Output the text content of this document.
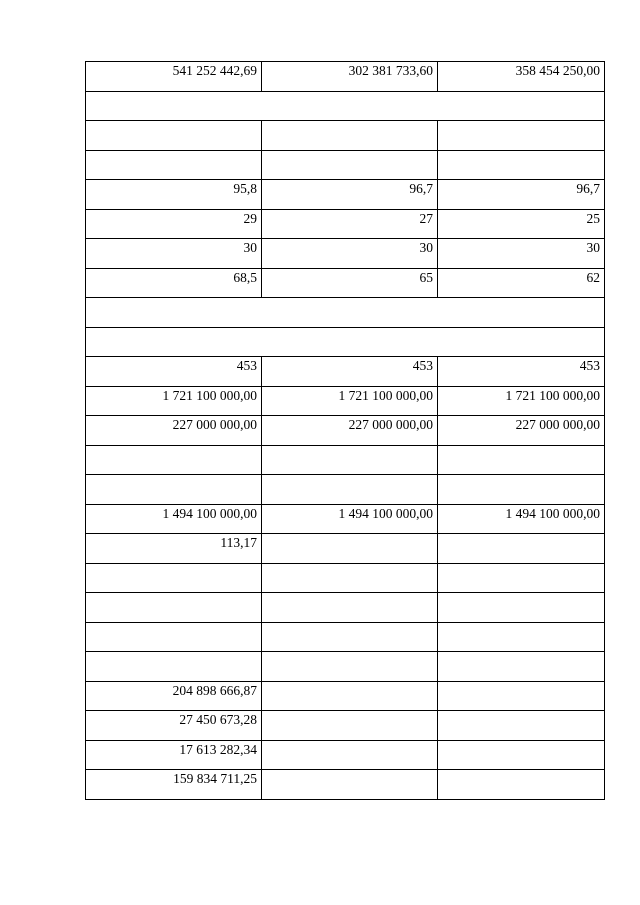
541 252 442,69	302 381 733,60	358 454 250,00

95,8	96,7	96,7
29	27	25
30	30	30
68,5	65	62

453	453	453
1 721 100 000,00	1 721 100 000,00	1 721 100 000,00
227 000 000,00	227 000 000,00	227 000 000,00

1 494 100 000,00	1 494 100 000,00	1 494 100 000,00
113,17		

204 898 666,87		
27 450 673,28		
17 613 282,34		
159 834 711,25		
